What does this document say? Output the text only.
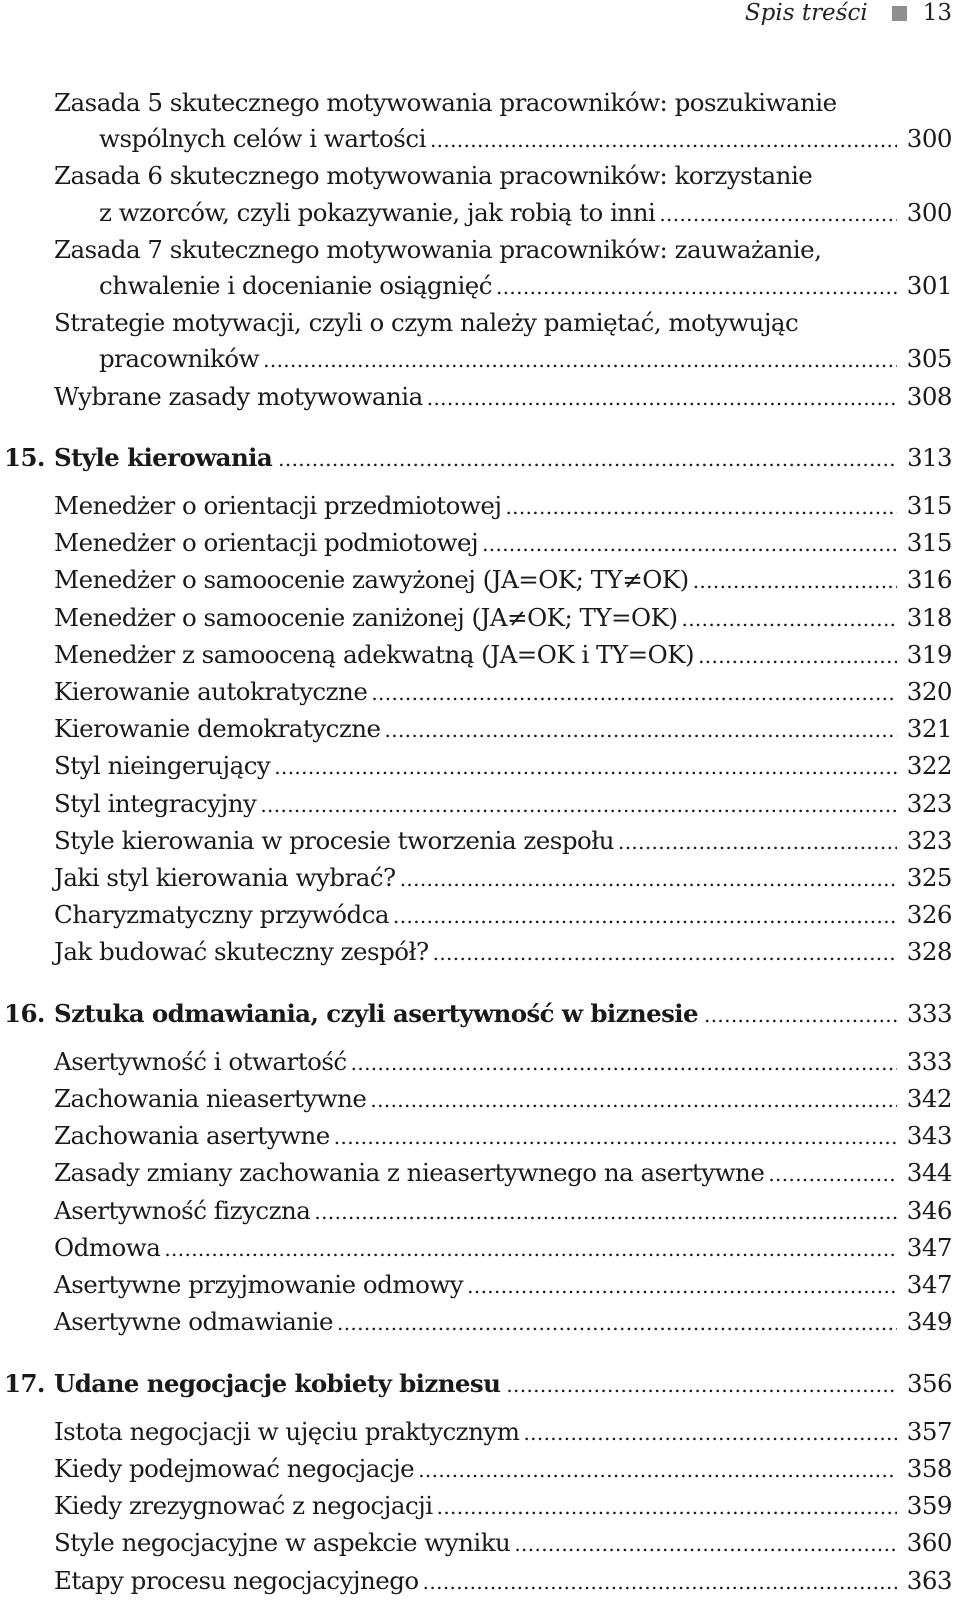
Spis treści 13
Zasada 5 skutecznego motywowania pracowników: poszukiwanie
wspólnych celów i wartości . . .	300
Zasada 6 skutecznego motywowania pracowników: korzystanie
z wzorców, czyli pokazywanie, jak robią to inni . . .	300
Zasada 7 skutecznego motywowania pracowników: zauważanie,
chwalenie i docenianie osiągnięć . . .	301
Strategie motywacji, czyli o czym należy pamiętać, motywując
pracowników . . .	305
Wybrane zasady motywowania . . .	308
15. Style kierowania . . .	313
Menedżer o orientacji przedmiotowej . . .	315
Menedżer o orientacji podmiotowej . . .	315
Menedżer o samoocenie zawyżonej (JA=OK; TY≠OK) . . .	316
Menedżer o samoocenie zaniżonej (JA≠OK; TY=OK) . . .	318
Menedżer z samooceną adekwatną (JA=OK i TY=OK) . . .	319
Kierowanie autokratyczne . . .	320
Kierowanie demokratyczne . . .	321
Styl nieingerujący . . .	322
Styl integracyjny . . .	323
Style kierowania w procesie tworzenia zespołu . . .	323
Jaki styl kierowania wybrać? . . .	325
Charyzmatyczny przywódca . . .	326
Jak budować skuteczny zespół? . . .	328
16. Sztuka odmawiania, czyli asertywność w biznesie . . .	333
Asertywność i otwartość . . .	333
Zachowania nieasertywne . . .	342
Zachowania asertywne . . .	343
Zasady zmiany zachowania z nieasertywnego na asertywne . . .	344
Asertywność fizyczna . . .	346
Odmowa . . .	347
Asertywne przyjmowanie odmowy . . .	347
Asertywne odmawianie . . .	349
17. Udane negocjacje kobiety biznesu . . .	356
Istota negocjacji w ujęciu praktycznym . . .	357
Kiedy podejmować negocjacje . . .	358
Kiedy zrezygnować z negocjacji . . .	359
Style negocjacyjne w aspekcie wyniku . . .	360
Etapy procesu negocjacyjnego . . .	363
